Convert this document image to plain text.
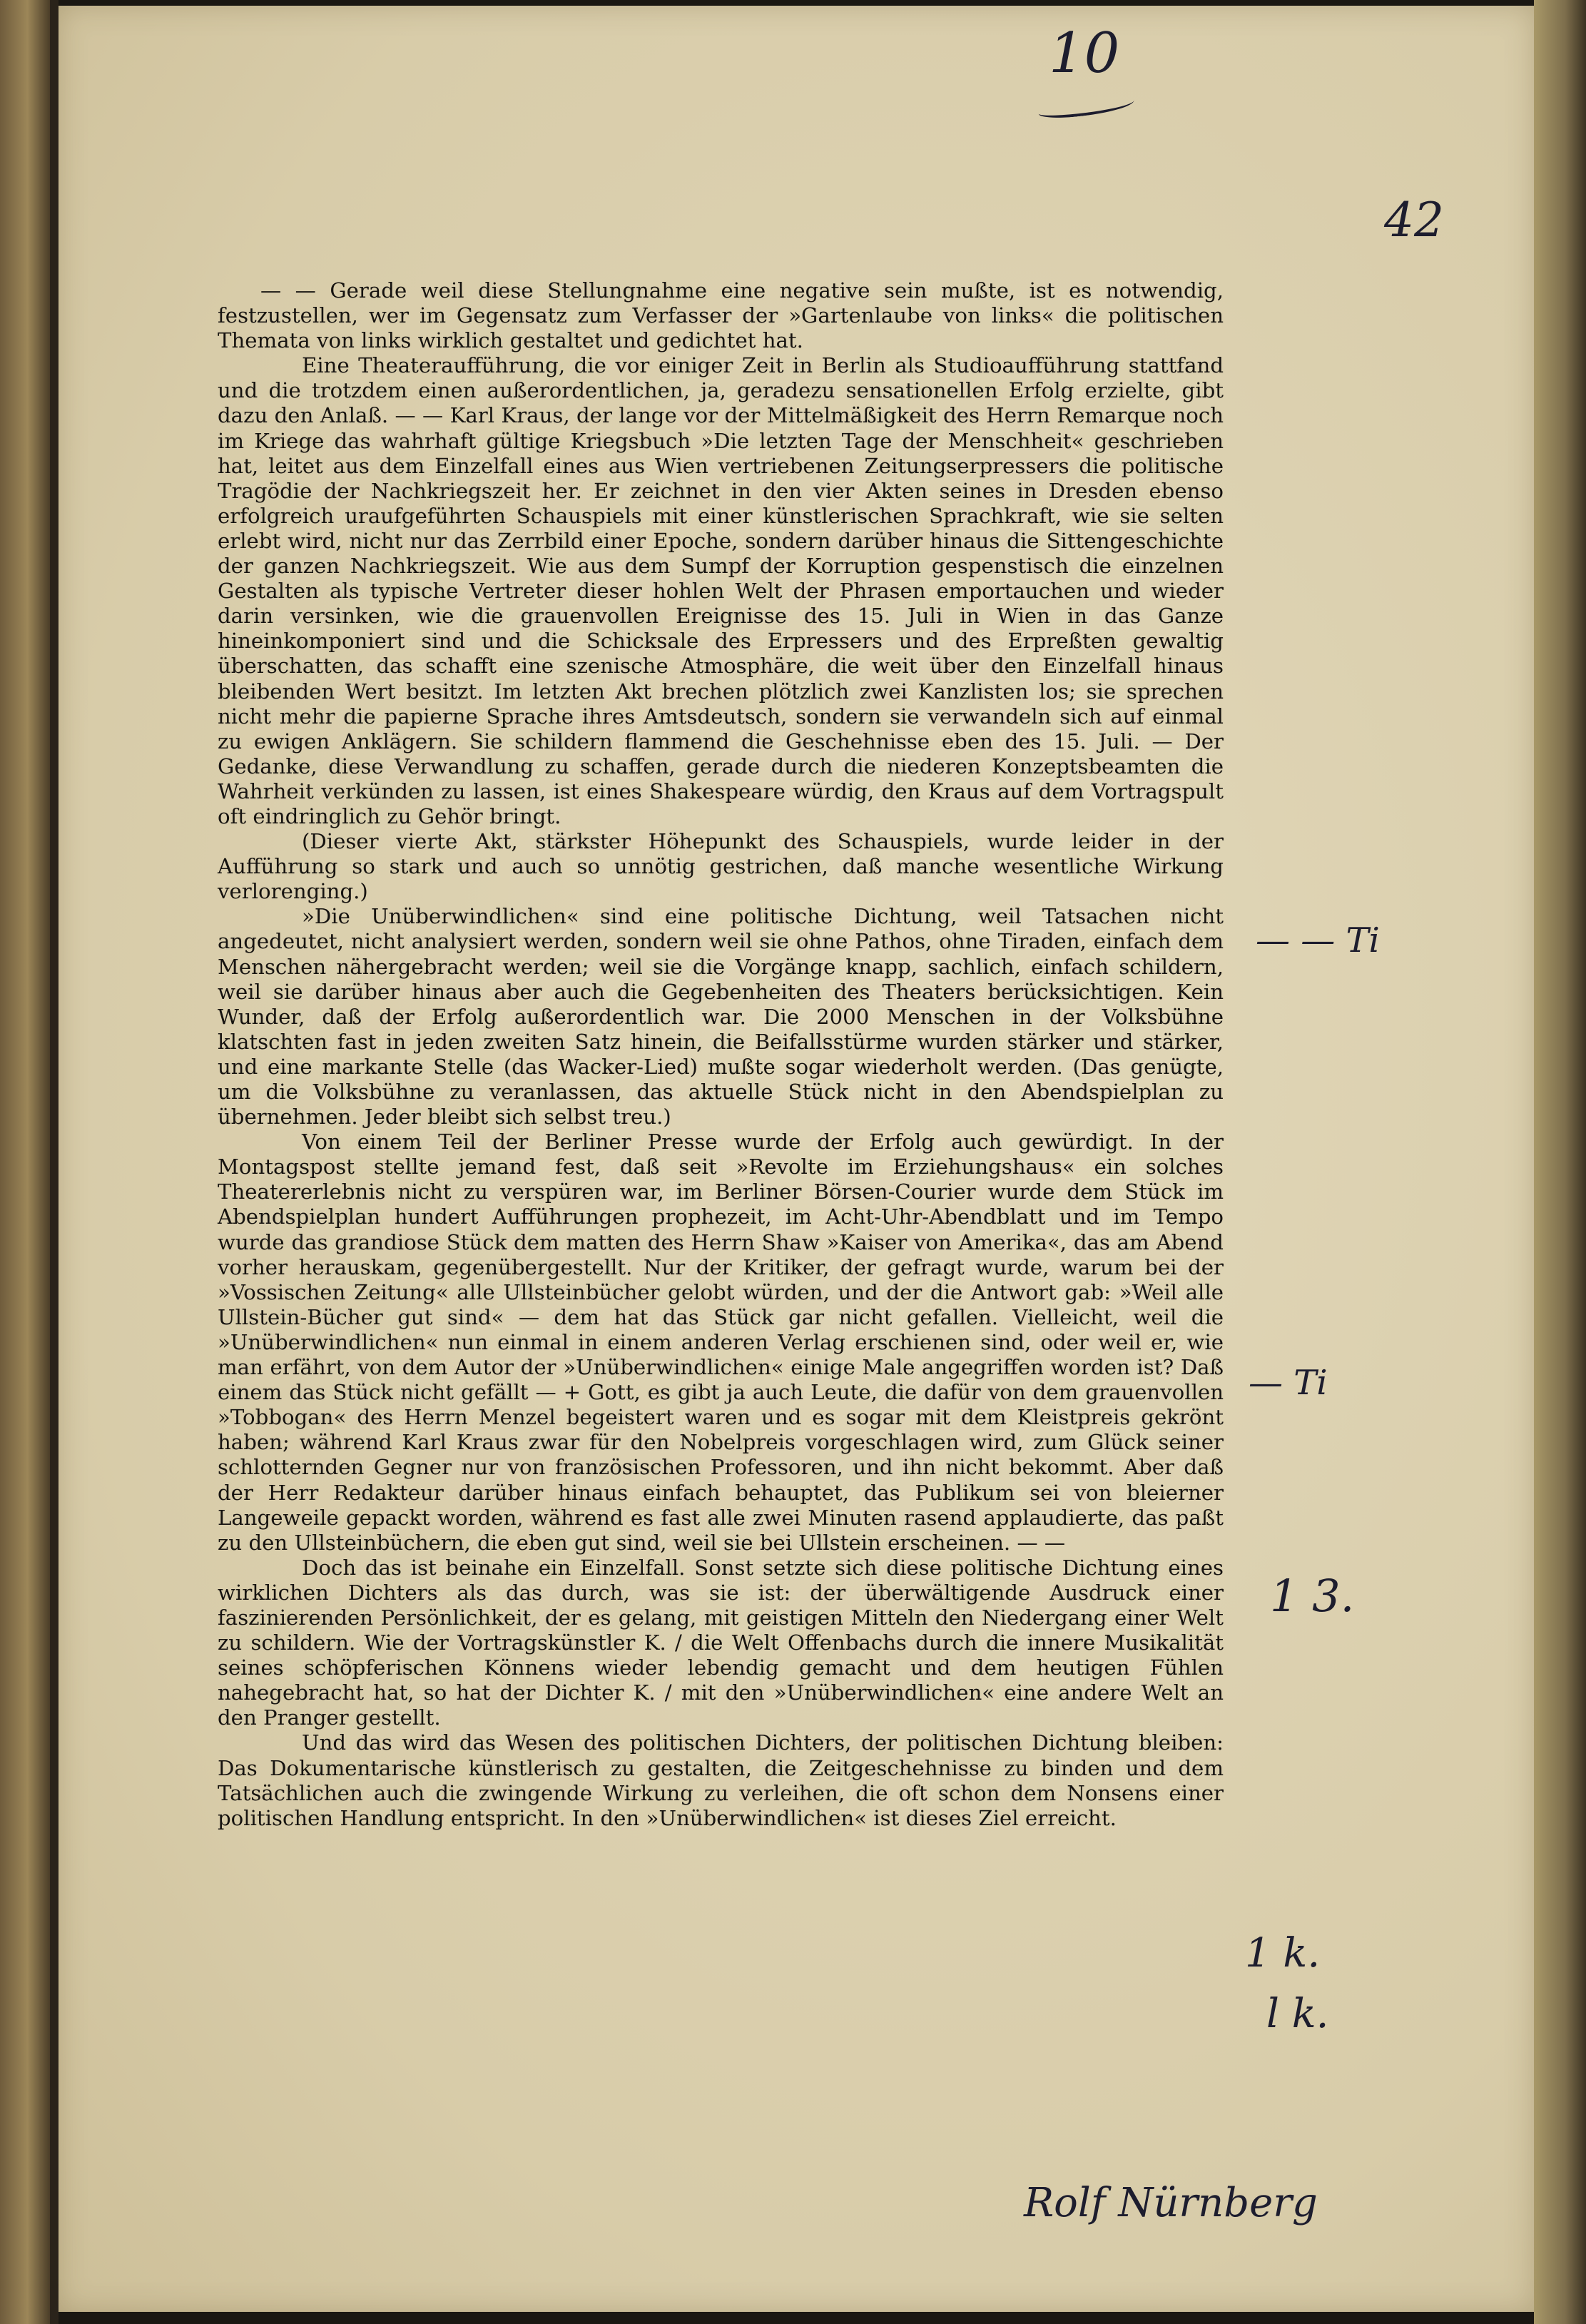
10
42
— — Ti
— Ti
1 3.
1 k.
l k.

— — Gerade weil diese Stellungnahme eine negative sein mußte, ist es notwendig, festzustellen, wer im Gegensatz zum Verfasser der »Gartenlaube von links« die politischen Themata von links wirklich gestaltet und gedichtet hat.

Eine Theateraufführung, die vor einiger Zeit in Berlin als Studioaufführung stattfand und die trotzdem einen außerordentlichen, ja, geradezu sensationellen Erfolg erzielte, gibt dazu den Anlaß. — — Karl Kraus, der lange vor der Mittelmäßigkeit des Herrn Remarque noch im Kriege das wahrhaft gültige Kriegsbuch »Die letzten Tage der Menschheit« geschrieben hat, leitet aus dem Einzelfall eines aus Wien vertriebenen Zeitungserpressers die politische Tragödie der Nachkriegszeit her. Er zeichnet in den vier Akten seines in Dresden ebenso erfolgreich uraufgeführten Schauspiels mit einer künstlerischen Sprachkraft, wie sie selten erlebt wird, nicht nur das Zerrbild einer Epoche, sondern darüber hinaus die Sittengeschichte der ganzen Nachkriegszeit. Wie aus dem Sumpf der Korruption gespenstisch die einzelnen Gestalten als typische Vertreter dieser hohlen Welt der Phrasen emportauchen und wieder darin versinken, wie die grauenvollen Ereignisse des 15. Juli in Wien in das Ganze hineinkomponiert sind und die Schicksale des Erpressers und des Erpreßten gewaltig überschatten, das schafft eine szenische Atmosphäre, die weit über den Einzelfall hinaus bleibenden Wert besitzt. Im letzten Akt brechen plötzlich zwei Kanzlisten los; sie sprechen nicht mehr die papierne Sprache ihres Amtsdeutsch, sondern sie verwandeln sich auf einmal zu ewigen Anklägern. Sie schildern flammend die Geschehnisse eben des 15. Juli. — Der Gedanke, diese Verwandlung zu schaffen, gerade durch die niederen Konzeptsbeamten die Wahrheit verkünden zu lassen, ist eines Shakespeare würdig, den Kraus auf dem Vortragspult oft eindringlich zu Gehör bringt.

(Dieser vierte Akt, stärkster Höhepunkt des Schauspiels, wurde leider in der Aufführung so stark und auch so unnötig gestrichen, daß manche wesentliche Wirkung verlorenging.)

»Die Unüberwindlichen« sind eine politische Dichtung, weil Tatsachen nicht angedeutet, nicht analysiert werden, sondern weil sie ohne Pathos, ohne Tiraden, einfach dem Menschen nähergebracht werden; weil sie die Vorgänge knapp, sachlich, einfach schildern, weil sie darüber hinaus aber auch die Gegebenheiten des Theaters berücksichtigen. Kein Wunder, daß der Erfolg außerordentlich war. Die 2000 Menschen in der Volksbühne klatschten fast in jeden zweiten Satz hinein, die Beifallsstürme wurden stärker und stärker, und eine markante Stelle (das Wacker-Lied) mußte sogar wiederholt werden. (Das genügte, um die Volksbühne zu veranlassen, das aktuelle Stück nicht in den Abendspielplan zu übernehmen. Jeder bleibt sich selbst treu.)

Von einem Teil der Berliner Presse wurde der Erfolg auch gewürdigt. In der Montagspost stellte jemand fest, daß seit »Revolte im Erziehungshaus« ein solches Theatererlebnis nicht zu verspüren war, im Berliner Börsen-Courier wurde dem Stück im Abendspielplan hundert Aufführungen prophezeit, im Acht-Uhr-Abendblatt und im Tempo wurde das grandiose Stück dem matten des Herrn Shaw »Kaiser von Amerika«, das am Abend vorher herauskam, gegenübergestellt. Nur der Kritiker, der gefragt wurde, warum bei der »Vossischen Zeitung« alle Ullsteinbücher gelobt würden, und der die Antwort gab: »Weil alle Ullstein-Bücher gut sind« — dem hat das Stück gar nicht gefallen. Vielleicht, weil die »Unüberwindlichen« nun einmal in einem anderen Verlag erschienen sind, oder weil er, wie man erfährt, von dem Autor der »Unüberwindlichen« einige Male angegriffen worden ist? Daß einem das Stück nicht gefällt — + Gott, es gibt ja auch Leute, die dafür von dem grauenvollen »Tobbogan« des Herrn Menzel begeistert waren und es sogar mit dem Kleistpreis gekrönt haben; während Karl Kraus zwar für den Nobelpreis vorgeschlagen wird, zum Glück seiner schlotternden Gegner nur von französischen Professoren, und ihn nicht bekommt. Aber daß der Herr Redakteur darüber hinaus einfach behauptet, das Publikum sei von bleierner Langeweile gepackt worden, während es fast alle zwei Minuten rasend applaudierte, das paßt zu den Ullsteinbüchern, die eben gut sind, weil sie bei Ullstein erscheinen. — —

Doch das ist beinahe ein Einzelfall. Sonst setzte sich diese politische Dichtung eines wirklichen Dichters als das durch, was sie ist: der überwältigende Ausdruck einer faszinierenden Persönlichkeit, der es gelang, mit geistigen Mitteln den Niedergang einer Welt zu schildern. Wie der Vortragskünstler K. / die Welt Offenbachs durch die innere Musikalität seines schöpferischen Könnens wieder lebendig gemacht und dem heutigen Fühlen nahegebracht hat, so hat der Dichter K. / mit den »Unüberwindlichen« eine andere Welt an den Pranger gestellt.

Und das wird das Wesen des politischen Dichters, der politischen Dichtung bleiben: Das Dokumentarische künstlerisch zu gestalten, die Zeitgeschehnisse zu binden und dem Tatsächlichen auch die zwingende Wirkung zu verleihen, die oft schon dem Nonsens einer politischen Handlung entspricht. In den »Unüberwindlichen« ist dieses Ziel erreicht.

Rolf Nürnberg
